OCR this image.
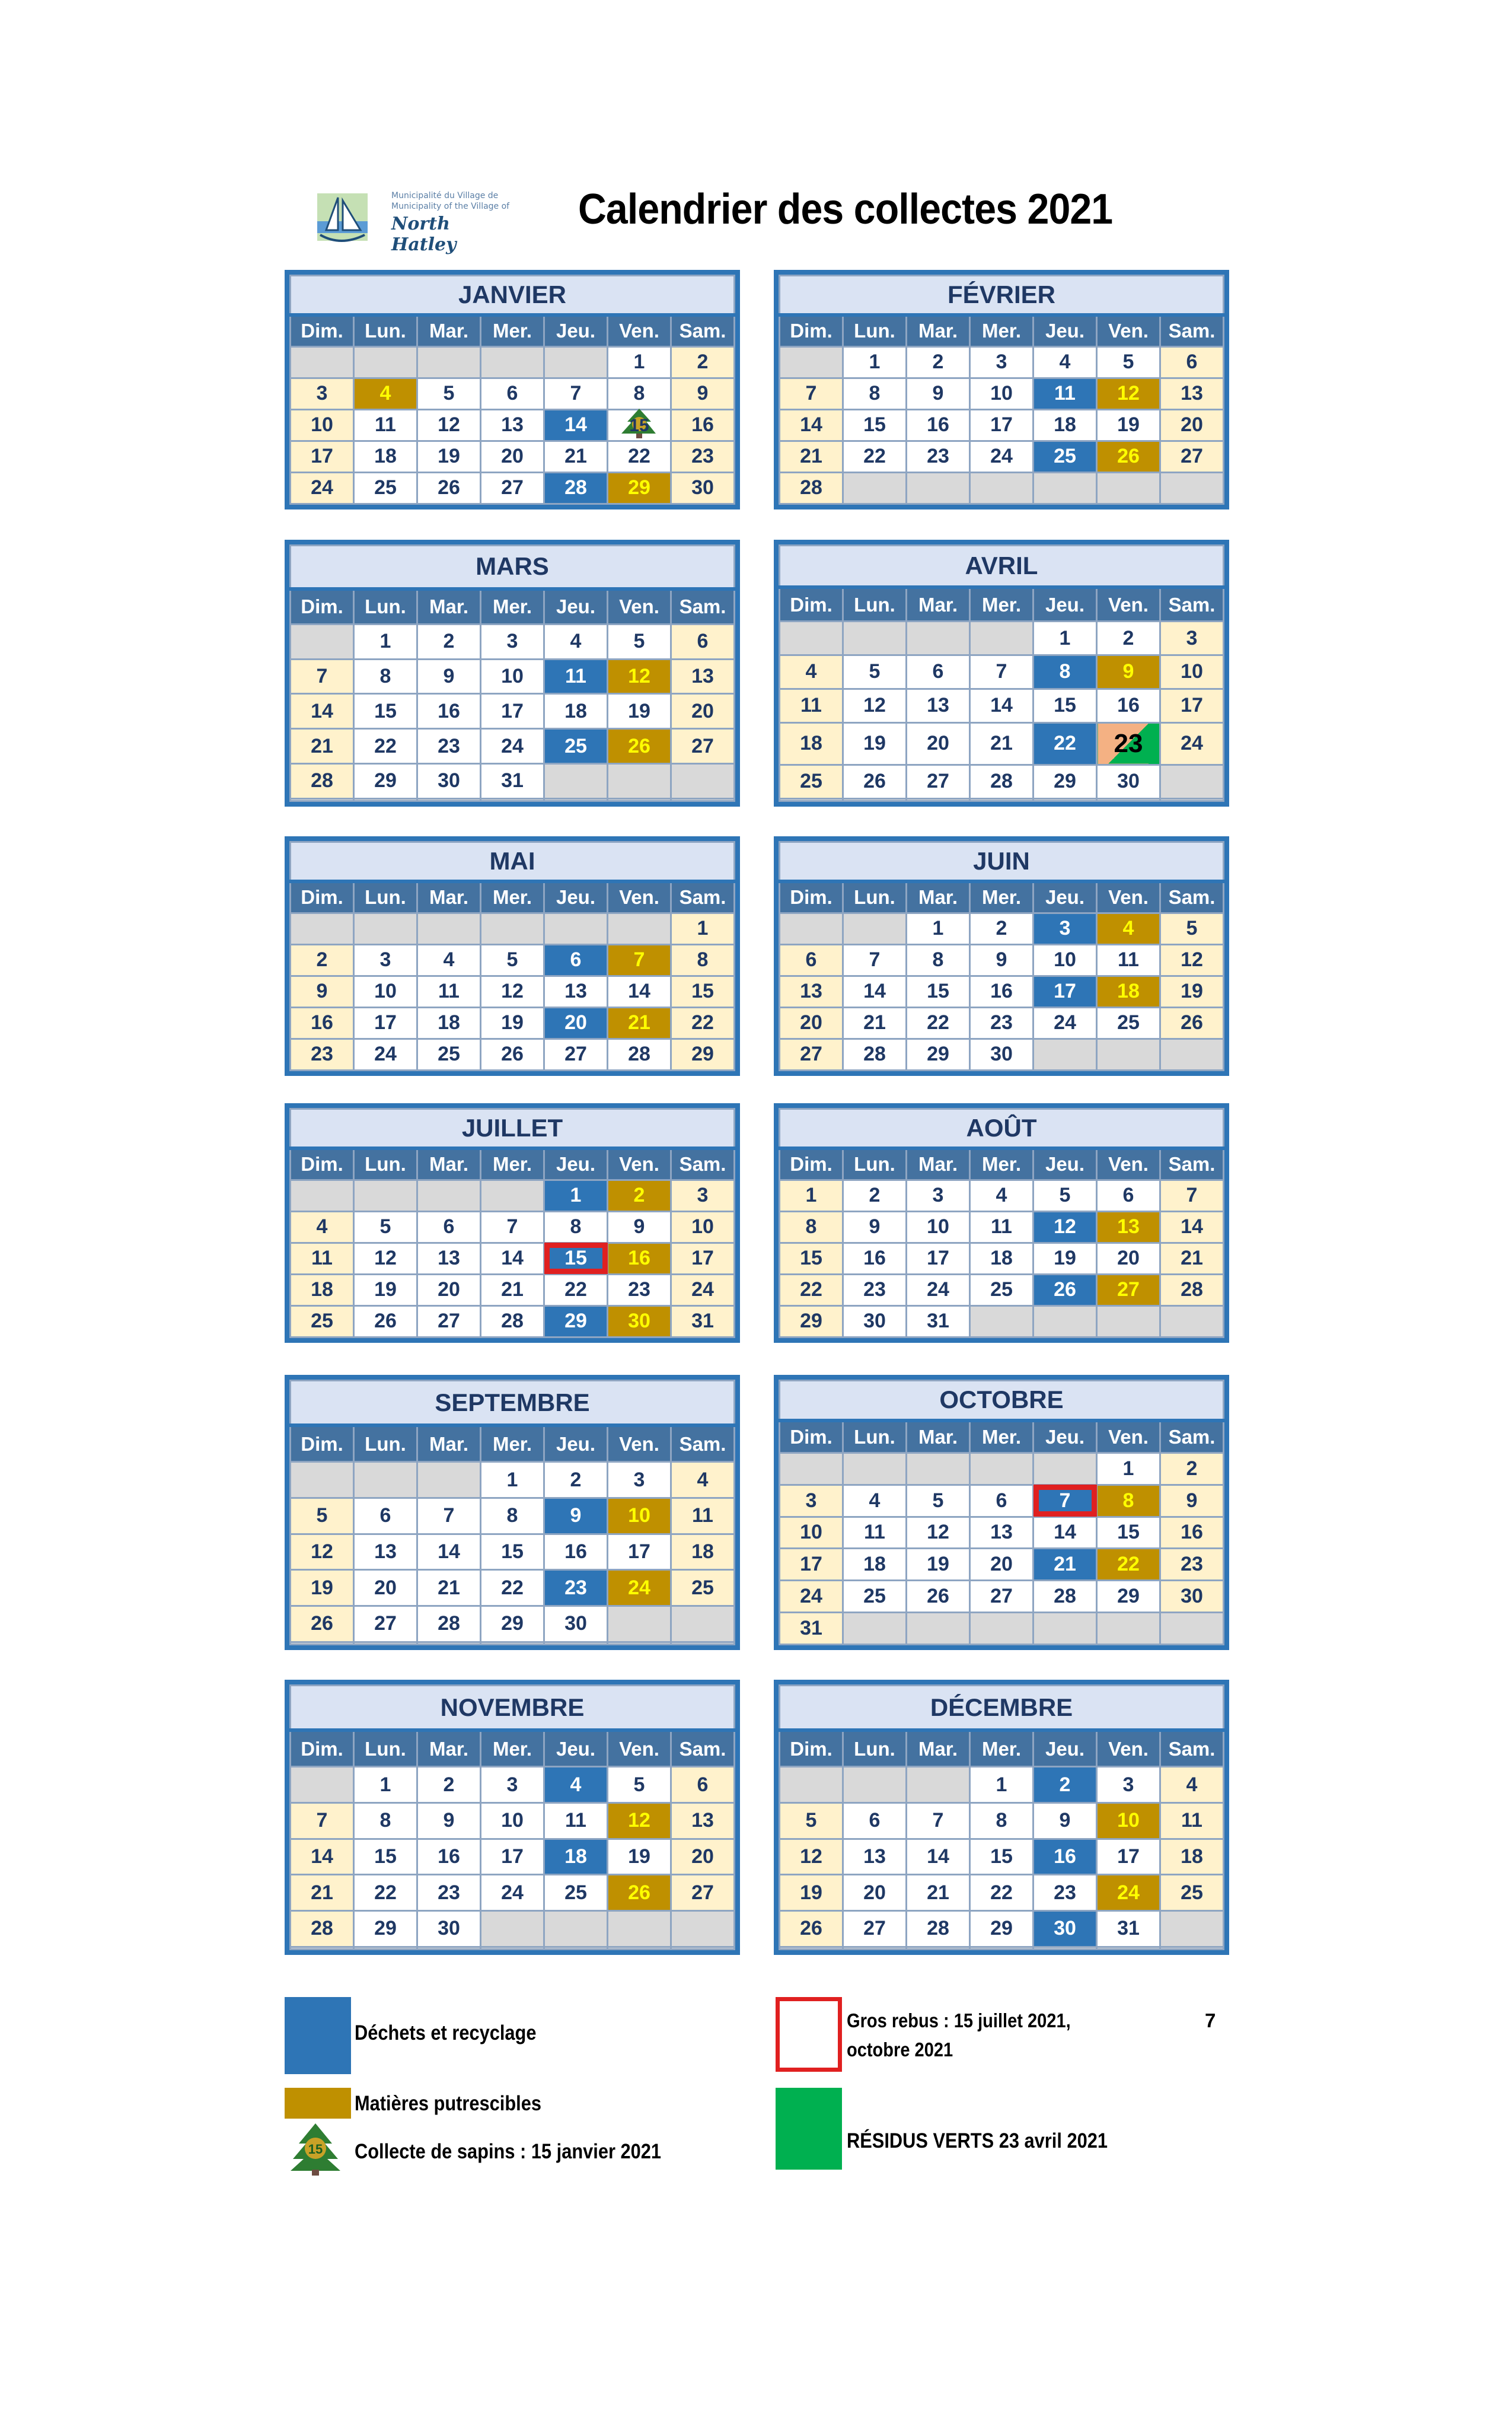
Municipalité du Village de
Municipality of the Village of
North Hatley
Calendrier des collectes 2021
JANVIER						
Dim.	Lun.	Mar.	Mer.	Jeu.	Ven.	Sam.
					1	2
3	4	5	6	7	8	9
10	11	12	13	14	15	16
17	18	19	20	21	22	23
24	25	26	27	28	29	30
FÉVRIER						
Dim.	Lun.	Mar.	Mer.	Jeu.	Ven.	Sam.
	1	2	3	4	5	6
7	8	9	10	11	12	13
14	15	16	17	18	19	20
21	22	23	24	25	26	27
28						
MARS						
Dim.	Lun.	Mar.	Mer.	Jeu.	Ven.	Sam.
	1	2	3	4	5	6
7	8	9	10	11	12	13
14	15	16	17	18	19	20
21	22	23	24	25	26	27
28	29	30	31			

AVRIL						
Dim.	Lun.	Mar.	Mer.	Jeu.	Ven.	Sam.
				1	2	3
4	5	6	7	8	9	10
11	12	13	14	15	16	17
18	19	20	21	22	23	24
25	26	27	28	29	30	

MAI						
Dim.	Lun.	Mar.	Mer.	Jeu.	Ven.	Sam.
						1
2	3	4	5	6	7	8
9	10	11	12	13	14	15
16	17	18	19	20	21	22
23	24	25	26	27	28	29
JUIN						
Dim.	Lun.	Mar.	Mer.	Jeu.	Ven.	Sam.
		1	2	3	4	5
6	7	8	9	10	11	12
13	14	15	16	17	18	19
20	21	22	23	24	25	26
27	28	29	30			
JUILLET						
Dim.	Lun.	Mar.	Mer.	Jeu.	Ven.	Sam.
				1	2	3
4	5	6	7	8	9	10
11	12	13	14	15	16	17
18	19	20	21	22	23	24
25	26	27	28	29	30	31
AOÛT						
Dim.	Lun.	Mar.	Mer.	Jeu.	Ven.	Sam.
1	2	3	4	5	6	7
8	9	10	11	12	13	14
15	16	17	18	19	20	21
22	23	24	25	26	27	28
29	30	31				
SEPTEMBRE						
Dim.	Lun.	Mar.	Mer.	Jeu.	Ven.	Sam.
			1	2	3	4
5	6	7	8	9	10	11
12	13	14	15	16	17	18
19	20	21	22	23	24	25
26	27	28	29	30		

OCTOBRE						
Dim.	Lun.	Mar.	Mer.	Jeu.	Ven.	Sam.
					1	2
3	4	5	6	7	8	9
10	11	12	13	14	15	16
17	18	19	20	21	22	23
24	25	26	27	28	29	30
31						
NOVEMBRE						
Dim.	Lun.	Mar.	Mer.	Jeu.	Ven.	Sam.
	1	2	3	4	5	6
7	8	9	10	11	12	13
14	15	16	17	18	19	20
21	22	23	24	25	26	27
28	29	30				

DÉCEMBRE						
Dim.	Lun.	Mar.	Mer.	Jeu.	Ven.	Sam.
			1	2	3	4
5	6	7	8	9	10	11
12	13	14	15	16	17	18
19	20	21	22	23	24	25
26	27	28	29	30	31	

Déchets et recyclage
Matières putrescibles
15 Collecte de sapins : 15 janvier 2021
Gros rebus : 15 juillet 2021,
octobre 2021
7
RÉSIDUS VERTS 23 avril 2021
